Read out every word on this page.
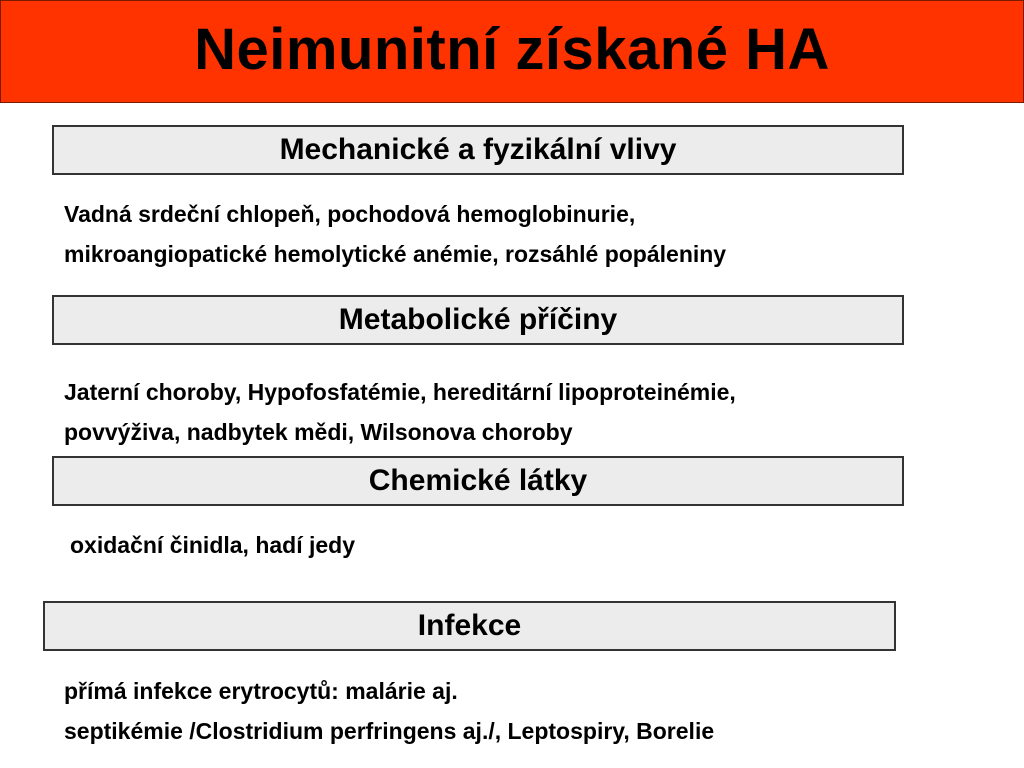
Neimunitní získané HA
Mechanické a fyzikální vlivy
Vadná srdeční chlopeň, pochodová hemoglobinurie,
mikroangiopatické hemolytické anémie, rozsáhlé popáleniny
Metabolické příčiny
Jaterní choroby, Hypofosfatémie, hereditární lipoproteinémie,
povvýživa, nadbytek mědi, Wilsonova choroby
Chemické látky
oxidační činidla, hadí jedy
Infekce
přímá infekce erytrocytů: malárie aj.
septikémie /Clostridium perfringens aj./, Leptospiry, Borelie
